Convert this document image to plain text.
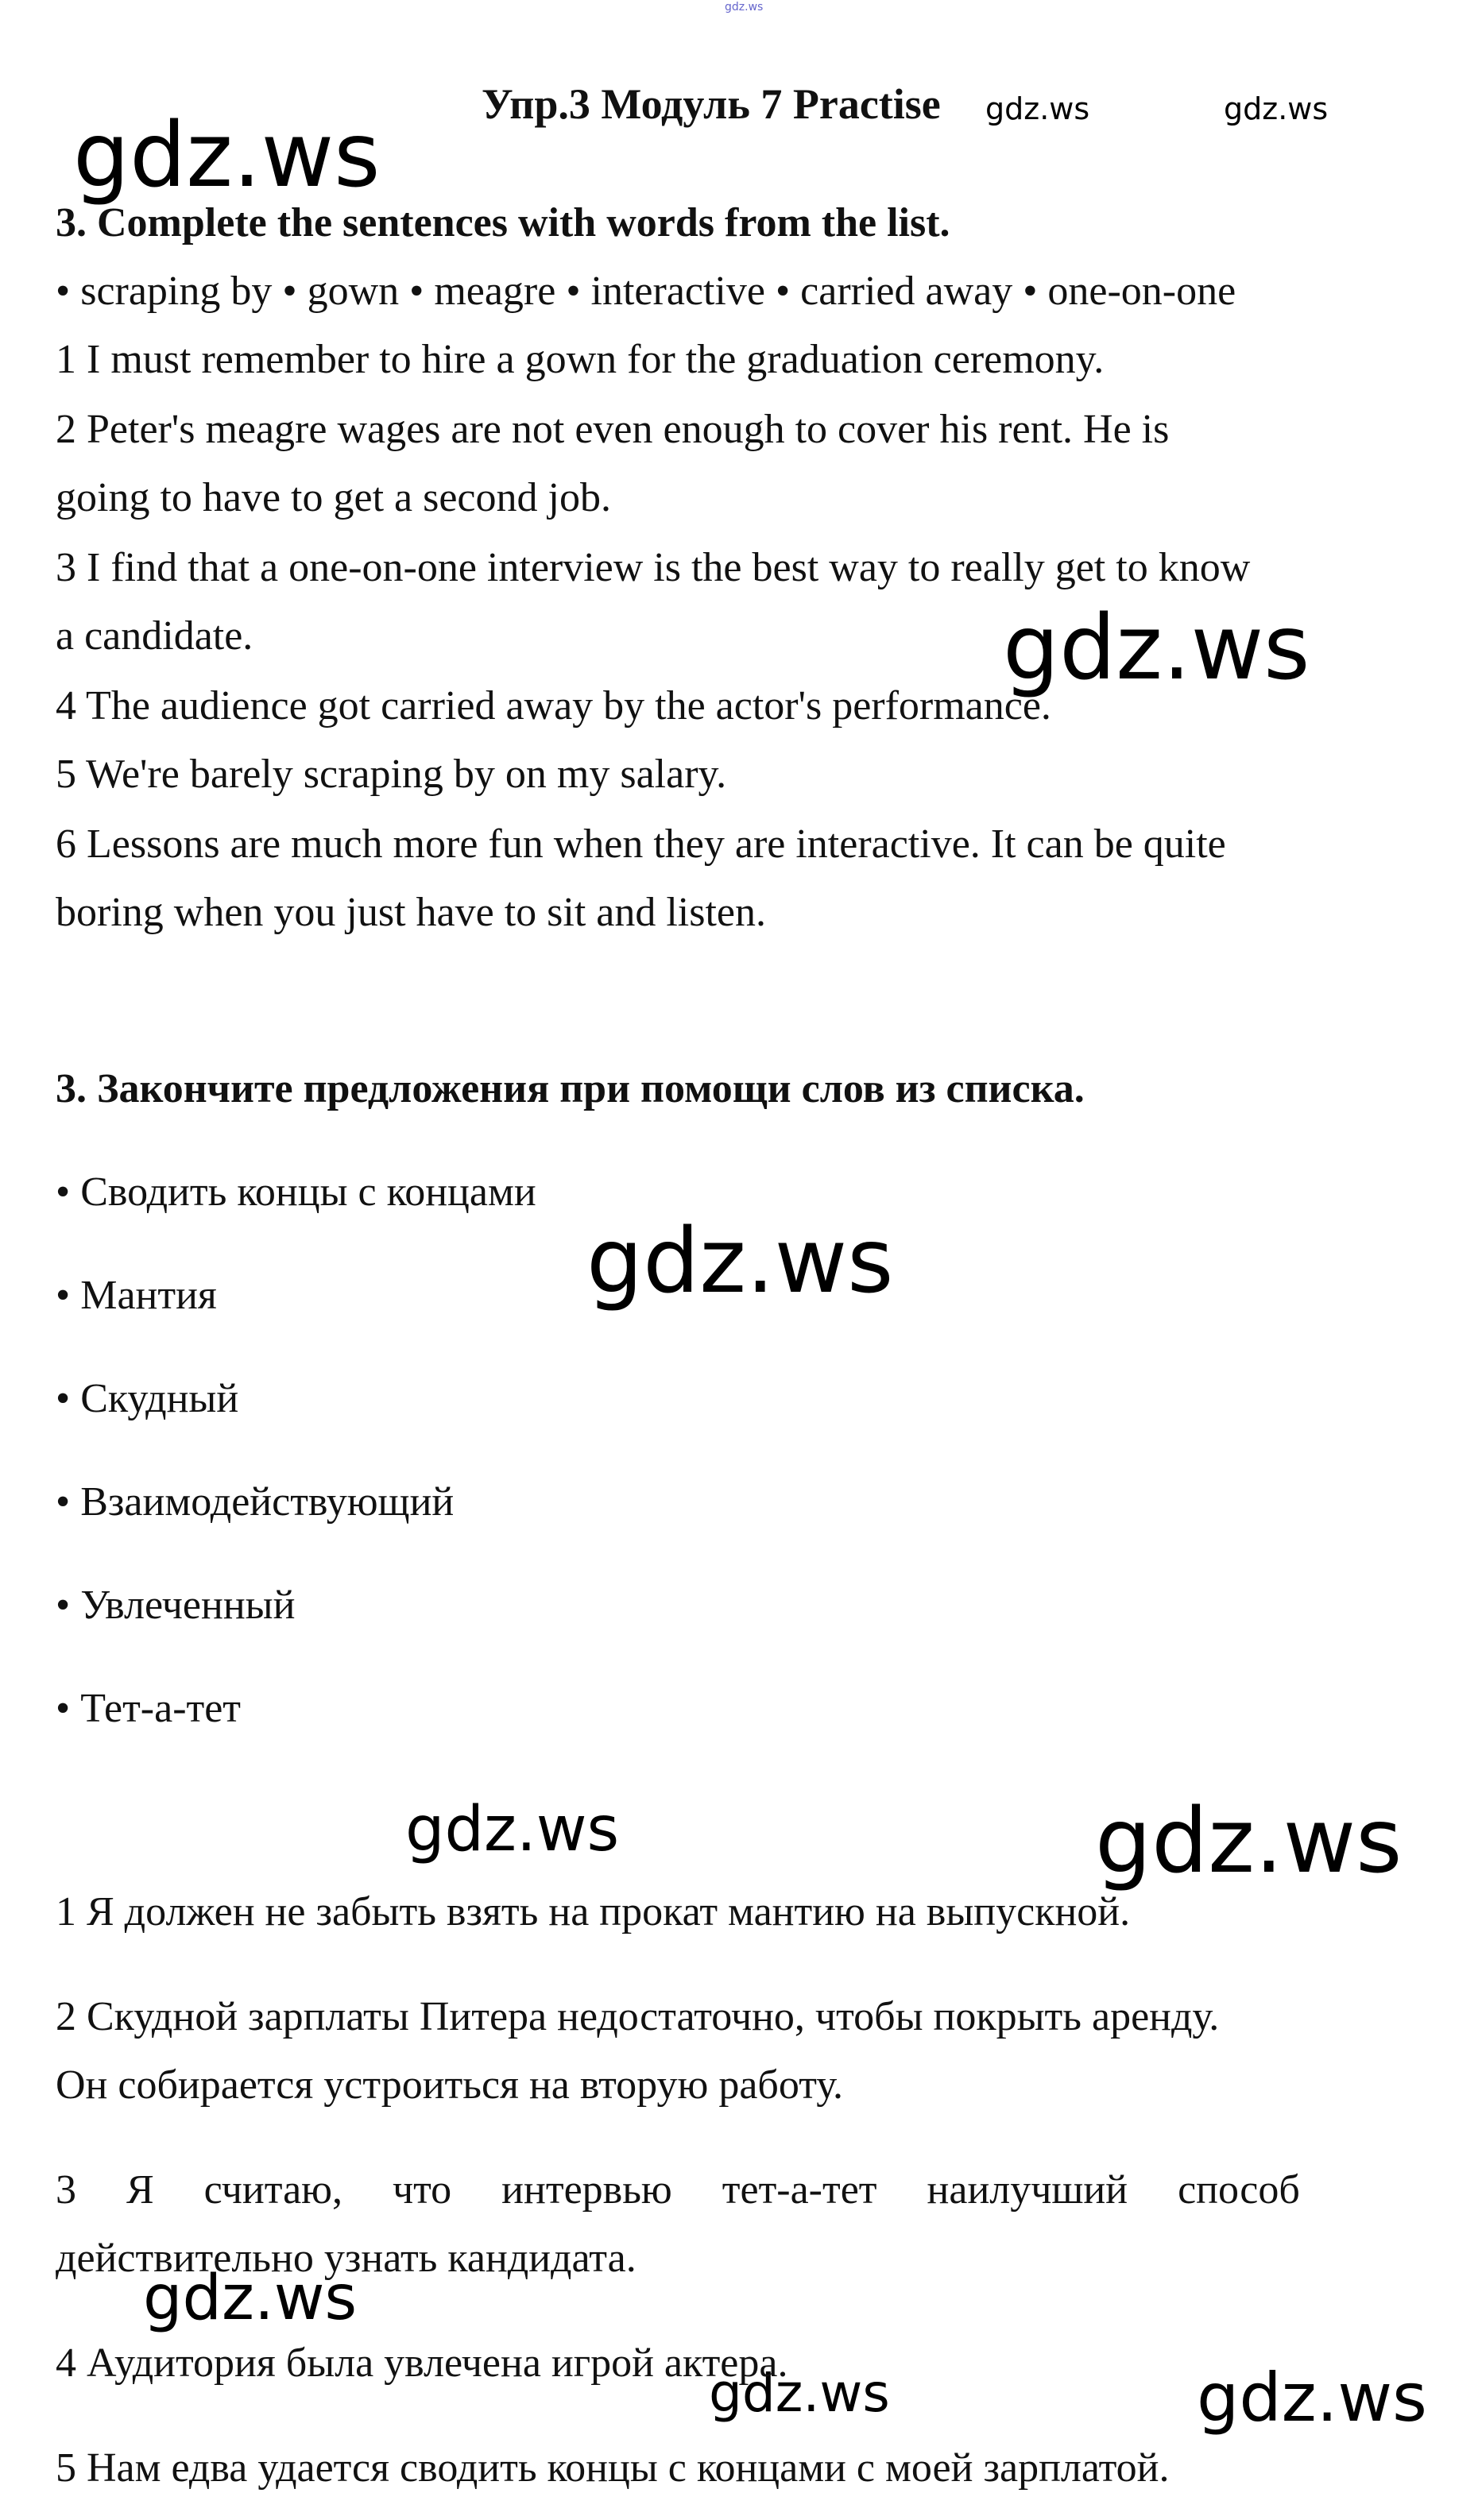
gdz.ws
gdz.ws	gdz.ws
gdz.ws
gdz.ws
gdz.ws
gdz.ws	gdz.ws
gdz.ws
gdz.ws	gdz.ws
Упр.3 Модуль 7 Practise
3. Complete the sentences with words from the list.
• scraping by • gown • meagre • interactive • carried away • one-on-one
1 I must remember to hire a gown for the graduation ceremony.
2 Peter's meagre wages are not even enough to cover his rent. He is
going to have to get a second job.
3 I find that a one-on-one interview is the best way to really get to know
a candidate.
4 The audience got carried away by the actor's performance.
5 We're barely scraping by on my salary.
6 Lessons are much more fun when they are interactive. It can be quite
boring when you just have to sit and listen.
3. Закончите предложения при помощи слов из списка.
• Сводить концы с концами
• Мантия
• Скудный
• Взаимодействующий
• Увлеченный
• Тет-а-тет
1 Я должен не забыть взять на прокат мантию на выпускной.
2 Скудной зарплаты Питера недостаточно, чтобы покрыть аренду.
Он собирается устроиться на вторую работу.
3 Я считаю, что интервью тет-а-тет наилучший способ
действительно узнать кандидата.
4 Аудитория была увлечена игрой актера.
5 Нам едва удается сводить концы с концами с моей зарплатой.
